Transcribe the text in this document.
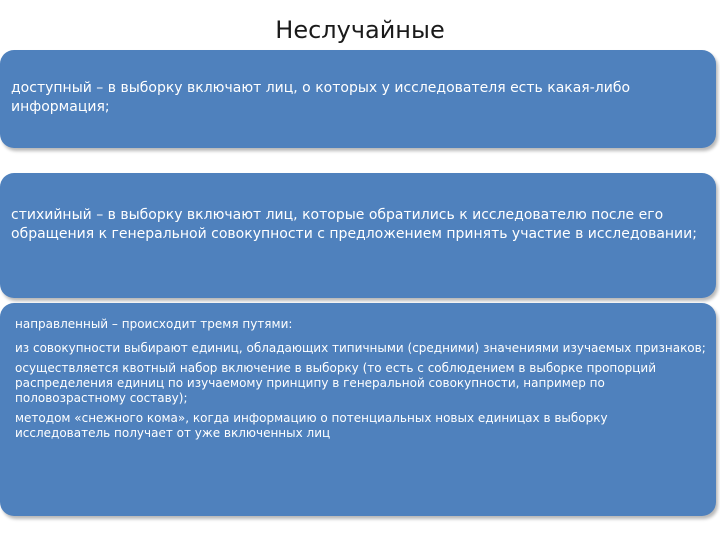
Неслучайные
доступный – в выборку включают лиц, о которых у исследователя есть какая-либо информация;
стихийный – в выборку включают лиц, которые обратились к исследователю после его обращения к генеральной совокупности с предложением принять участие в исследовании;
направленный – происходит тремя путями:
из совокупности выбирают единиц, обладающих типичными (средними) значениями изучаемых признаков;
осуществляется квотный набор включение в выборку (то есть с соблюдением в выборке пропорций распределения единиц по изучаемому принципу в генеральной совокупности, например по половозрастному составу);
методом «снежного кома», когда информацию о потенциальных новых единицах в выборку исследователь получает от уже включенных лиц
